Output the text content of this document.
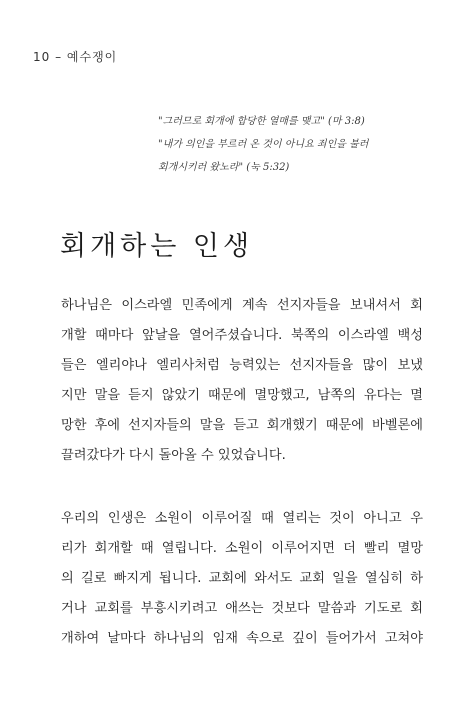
10 – 예수쟁이
"그러므로 회개에 합당한 열매를 맺고" (마 3:8)
"내가 의인을 부르러 온 것이 아니요 죄인을 불러
회개시키러 왔노라" (눅 5:32)
회개하는 인생
하나님은 이스라엘 민족에게 계속 선지자들을 보내셔서 회
개할 때마다 앞날을 열어주셨습니다. 북쪽의 이스라엘 백성
들은 엘리야나 엘리사처럼 능력있는 선지자들을 많이 보냈
지만 말을 듣지 않았기 때문에 멸망했고, 남쪽의 유다는 멸
망한 후에 선지자들의 말을 듣고 회개했기 때문에 바벨론에
끌려갔다가 다시 돌아올 수 있었습니다.
우리의 인생은 소원이 이루어질 때 열리는 것이 아니고 우
리가 회개할 때 열립니다. 소원이 이루어지면 더 빨리 멸망
의 길로 빠지게 됩니다. 교회에 와서도 교회 일을 열심히 하
거나 교회를 부흥시키려고 애쓰는 것보다 말씀과 기도로 회
개하여 날마다 하나님의 임재 속으로 깊이 들어가서 고쳐야
